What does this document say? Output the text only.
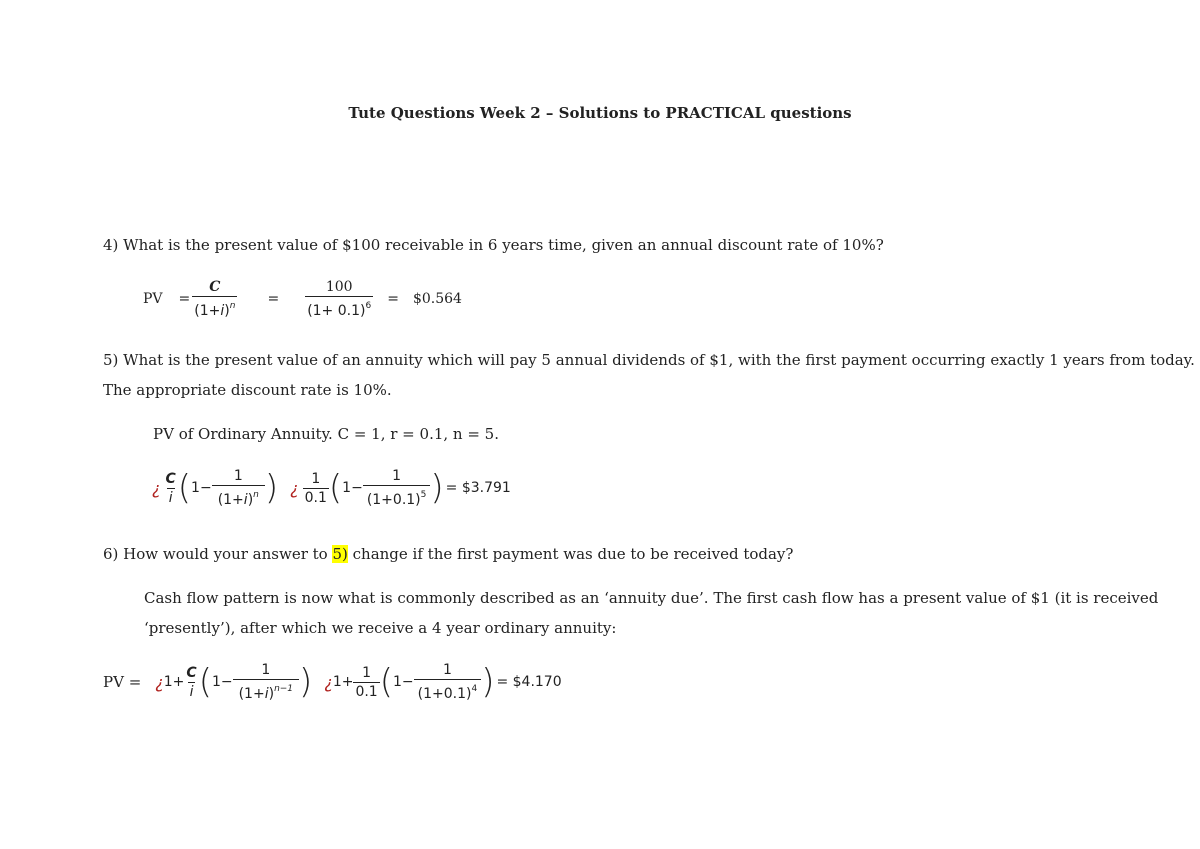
Tute Questions Week 2 – Solutions to PRACTICAL questions
4) What is the present value of $100 receivable in 6 years time, given an annual discount rate of 10%?
PV = $\frac{C}{(1+i)^n} = \frac{100}{(1+ 0.1)^6}$ = $0.564
5) What is the present value of an annuity which will pay 5 annual dividends of $1, with the first payment occurring exactly 1 years from today.
The appropriate discount rate is 10%.
PV of Ordinary Annuity. C = 1, r = 0.1, n = 5.
¿ $\frac{C}{i}$ ( $1- \frac{1}{(1+i)^n}$ ) ¿ $\frac{1}{0.1}$ ( $1- \frac{1}{(1+0.1)^5}$ ) = $3.791
6) How would your answer to 5) change if the first payment was due to be received today?
Cash flow pattern is now what is commonly described as an ‘annuity due’. The first cash flow has a present value of $1 (it is received
‘presently’), after which we receive a 4 year ordinary annuity:
PV = ¿ $1+ \frac{C}{i}$ ( $1- \frac{1}{(1+i)^{n-1}}$ ) ¿ $1+ \frac{1}{0.1}$ ( $1- \frac{1}{(1+0.1)^4}$ ) = $4.170
